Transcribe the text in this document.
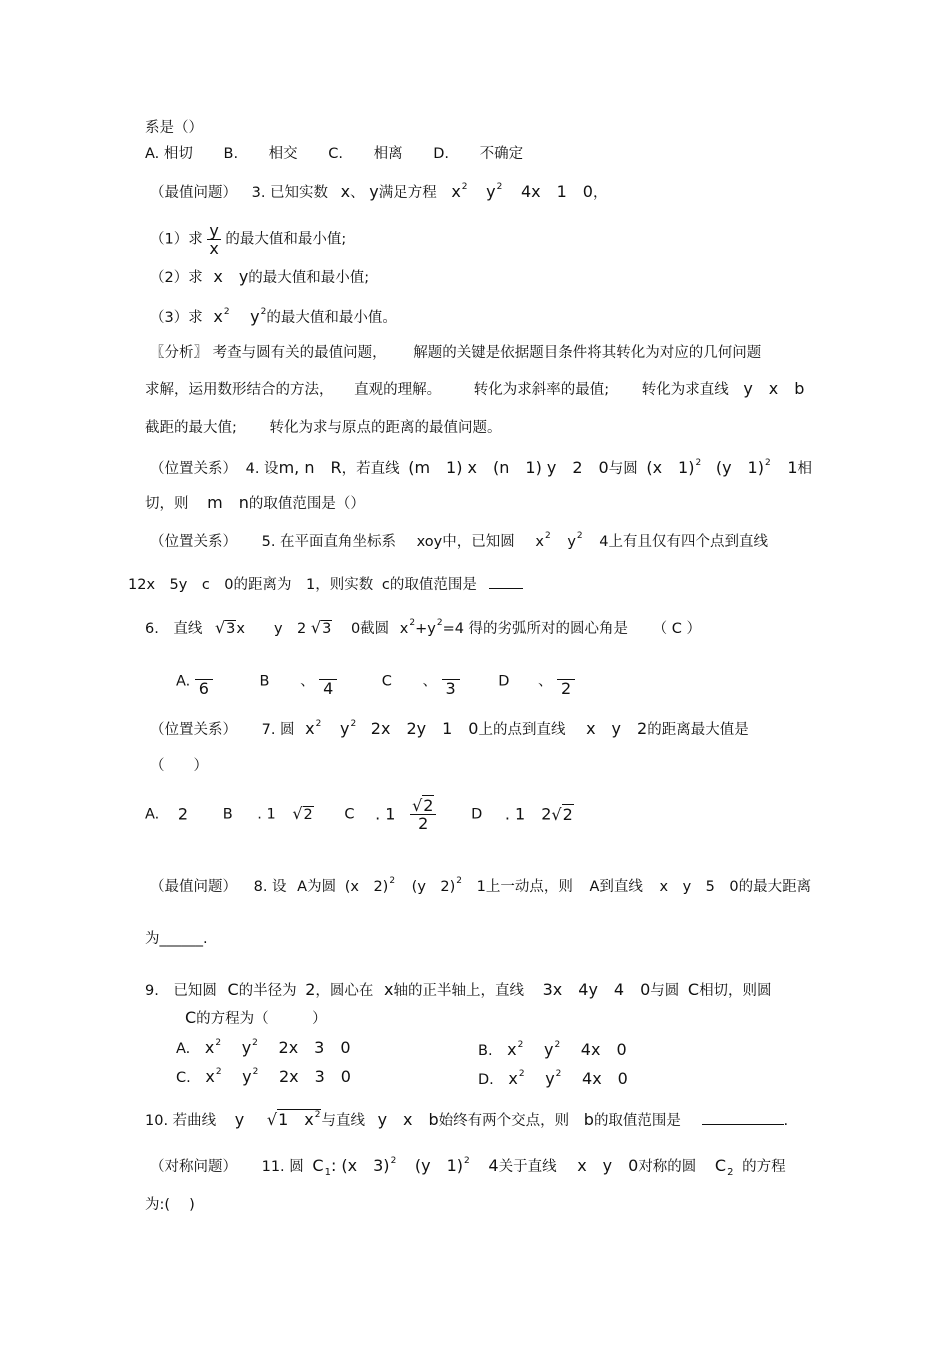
系是（）
A. 相切 B. 相交 C. 相离 D. 不确定
（最值问题） 3. 已知实数 x、 y满足方程 $x^2$ $y^2$ 4x　1　0，
（1）求 $\frac{y}{x}$ 的最大值和最小值;
（2）求 x　y的最大值和最小值;
（3）求 $x^2$ $y^2$的最大值和最小值。
〖分析〗 考查与圆有关的最值问题， 解题的关键是依据题目条件将其转化为对应的几何问题
求解，运用数形结合的方法， 直观的理解。 转化为求斜率的最值; 转化为求直线 y　x　b
截距的最大值; 转化为求与原点的距离的最值问题。
（位置关系） 4. 设m, n　R，若直线 (m　1) x　(n　1) y　2　0与圆 (x　1)$^2$ (y　1)$^2$ 1相
切，则 m　n的取值范围是（）
（位置关系） 5. 在平面直角坐标系 xoy中，已知圆 $x^2$ $y^2$ 4上有且仅有四个点到直线
12x　5y　c　0的距离为　1，则实数 c的取值范围是
6.　直线 √3x　　y　2 √3 0截圆 $x^2+y^2=4$ 得的劣弧所对的圆心角是 （ C ）
A. 6	B 、 4	C 、 3	D 、 2
（位置关系） 7. 圆 $x^2$ $y^2$ 2x　2y　1　0上的点到直线 x　y　2的距离最大值是
（　　）
A. 2 B . 1 √2 C . $1 \frac{√2}{2}$ D . 1　2√2
（最值问题） 8. 设 A为圆 (x　2)$^2$ (y　2)$^2$ 1上一动点，则 A到直线 x　y　5　0的最大距离
为______.
9.　已知圆 C的半径为 2，圆心在 x轴的正半轴上，直线 3x　4y　4　0与圆 C相切，则圆
C的方程为（　　　）
A. $x^2$ $y^2$ 2x　3　0	B. $x^2$ $y^2$ 4x　0
C. $x^2$ $y^2$ 2x　3　0	D. $x^2$ $y^2$ 4x　0
10. 若曲线 y √1　$x^2$与直线 y　x　b始终有两个交点，则 b的取值范围是	.
（对称问题） 11. 圆 $C_1$: (x　3)$^2$ (y　1)$^2$ 4关于直线 x　y　0对称的圆 $C_2$ 的方程
为:(　 )
